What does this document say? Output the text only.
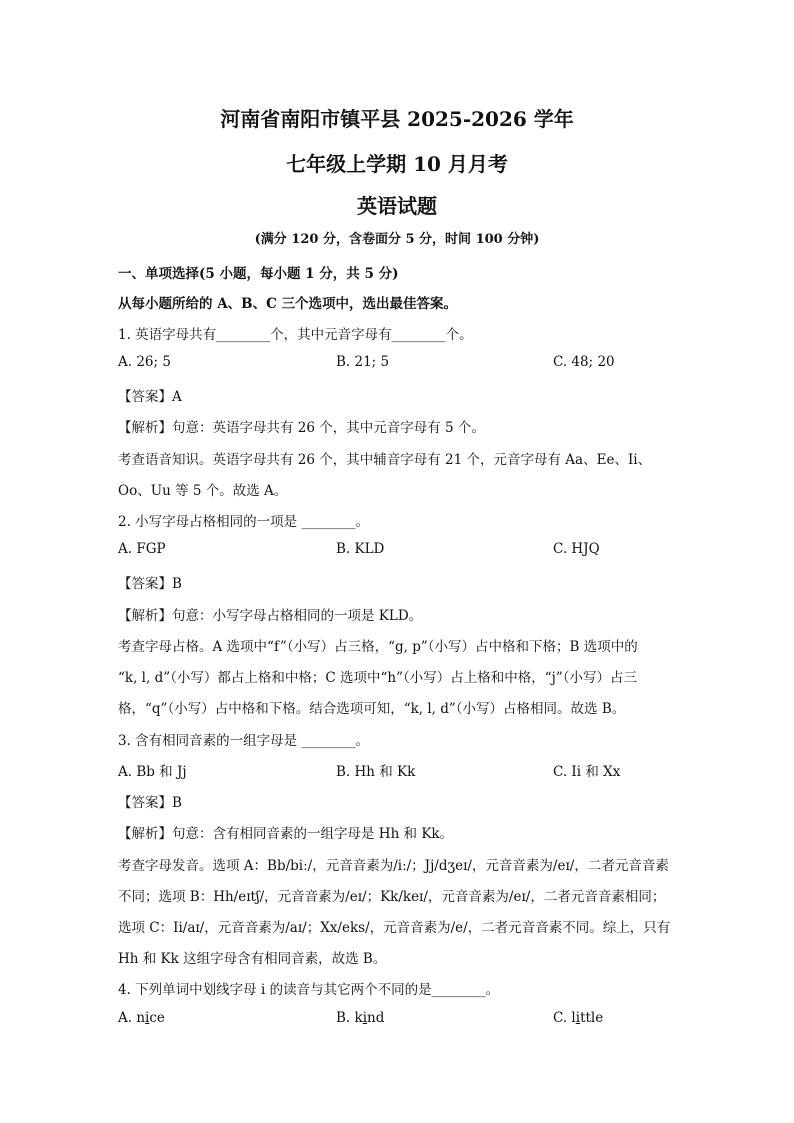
河南省南阳市镇平县 2025-2026 学年
七年级上学期 10 月月考
英语试题
(满分 120 分，含卷面分 5 分，时间 100 分钟)
一、单项选择(5 小题，每小题 1 分，共 5 分)
从每小题所给的 A、B、C 三个选项中，选出最佳答案。
1. 英语字母共有________个，其中元音字母有________个。
A. 26; 5	B. 21; 5	C. 48; 20
【答案】A
【解析】句意：英语字母共有 26 个，其中元音字母有 5 个。
考查语音知识。英语字母共有 26 个，其中辅音字母有 21 个，元音字母有 Aa、Ee、Ii、
Oo、Uu 等 5 个。故选 A。
2. 小写字母占格相同的一项是 ________。
A. FGP	B. KLD	C. HJQ
【答案】B
【解析】句意：小写字母占格相同的一项是 KLD。
考查字母占格。A 选项中“f”（小写）占三格，“g, p”（小写）占中格和下格；B 选项中的
“k, l, d”（小写）都占上格和中格；C 选项中“h”（小写）占上格和中格，“j”（小写）占三
格，“q”（小写）占中格和下格。结合选项可知，“k, l, d”（小写）占格相同。故选 B。
3. 含有相同音素的一组字母是 ________。
A. Bb 和 Jj	B. Hh 和 Kk	C. Ii 和 Xx
【答案】B
【解析】句意：含有相同音素的一组字母是 Hh 和 Kk。
考查字母发音。选项 A：Bb/biː/，元音音素为/iː/；Jj/dʒeɪ/，元音音素为/eɪ/，二者元音音素
不同；选项 B：Hh/eɪtʃ/，元音音素为/eɪ/；Kk/keɪ/，元音音素为/eɪ/，二者元音音素相同；
选项 C：Ii/aɪ/，元音音素为/aɪ/；Xx/eks/，元音音素为/e/，二者元音音素不同。综上，只有
Hh 和 Kk 这组字母含有相同音素，故选 B。
4. 下列单词中划线字母 i 的读音与其它两个不同的是________。
A. nice	B. kind	C. little
